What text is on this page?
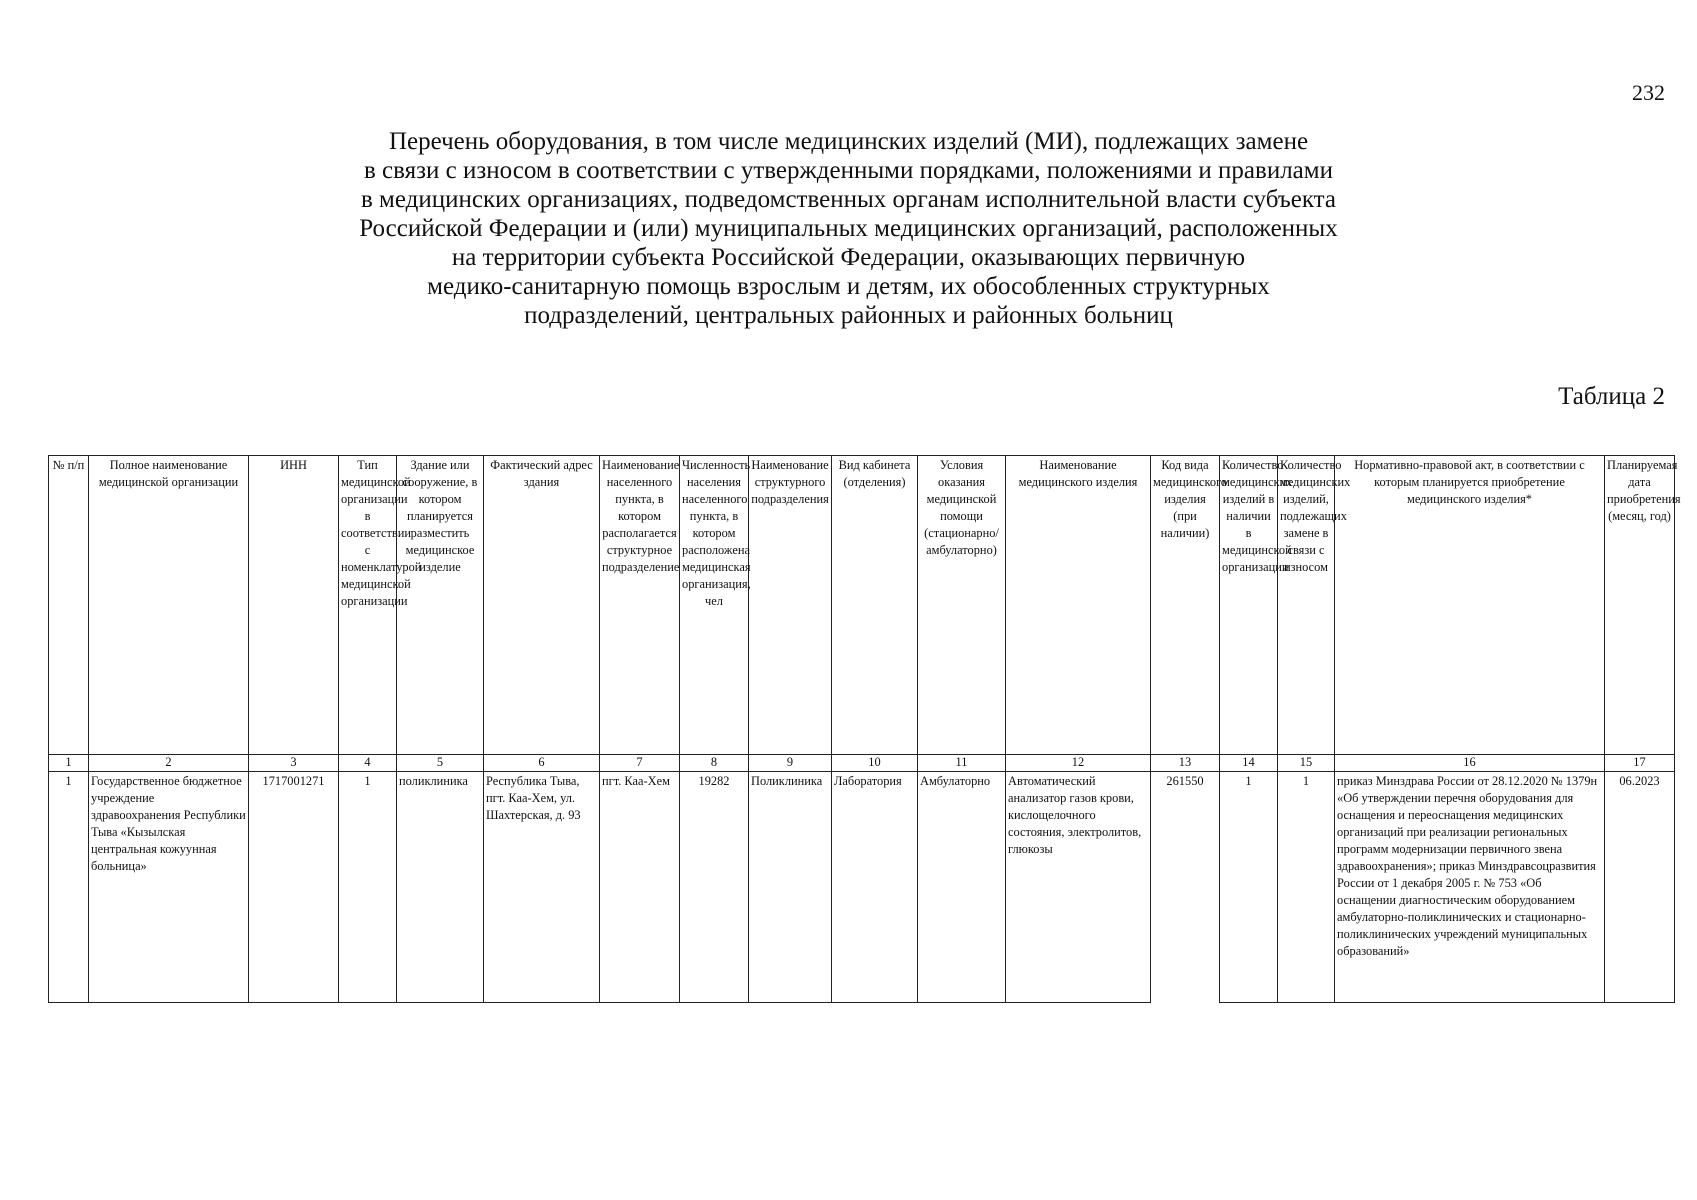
232
Перечень оборудования, в том числе медицинских изделий (МИ), подлежащих замене
в связи с износом в соответствии с утвержденными порядками, положениями и правилами
в медицинских организациях, подведомственных органам исполнительной власти субъекта
Российской Федерации и (или) муниципальных медицинских организаций, расположенных
на территории субъекта Российской Федерации, оказывающих первичную
медико-санитарную помощь взрослым и детям, их обособленных структурных
подразделений, центральных районных и районных больниц
Таблица 2
№ п/п	Полное наименование медицинской организации	ИНН	Тип медицинской организации в соответствии с номенклатурой медицинской организации	Здание или сооружение, в котором планируется разместить медицинское изделие	Фактический адрес здания	Наименование населенного пункта, в котором располагается структурное подразделение	Численность населения населенного пункта, в котором расположена медицинская организация, чел	Наименование структурного подразделения	Вид кабинета (отделения)	Условия оказания медицинской помощи (стационарно/амбулаторно)	Наименование медицинского изделия	Код вида медицинского изделия (при наличии)	Количество медицинских изделий в наличии в медицинской организации	Количество медицинских изделий, подлежащих замене в связи с износом	Нормативно-правовой акт, в соответствии с которым планируется приобретение медицинского изделия*	Планируемая дата приобретения (месяц, год)
1	2	3	4	5	6	7	8	9	10	11	12	13	14	15	16	17
1	Государственное бюджетное учреждение здравоохранения Республики Тыва «Кызылская центральная кожуунная больница»	1717001271	1	поликлиника	Республика Тыва, пгт. Каа-Хем, ул. Шахтерская, д. 93	пгт. Каа-Хем	19282	Поликлиника	Лаборатория	Амбулаторно	Автоматический анализатор газов крови, кислощелочного состояния, электролитов, глюкозы	261550	1	1	приказ Минздрава России от 28.12.2020 № 1379н «Об утверждении перечня оборудования для оснащения и переоснащения медицинских организаций при реализации региональных программ модернизации первичного звена здравоохранения»; приказ Минздравсоцразвития России от 1 декабря 2005 г. № 753 «Об оснащении диагностическим оборудованием амбулаторно-поликлинических и стационарно-поликлинических учреждений муниципальных образований»	06.2023
